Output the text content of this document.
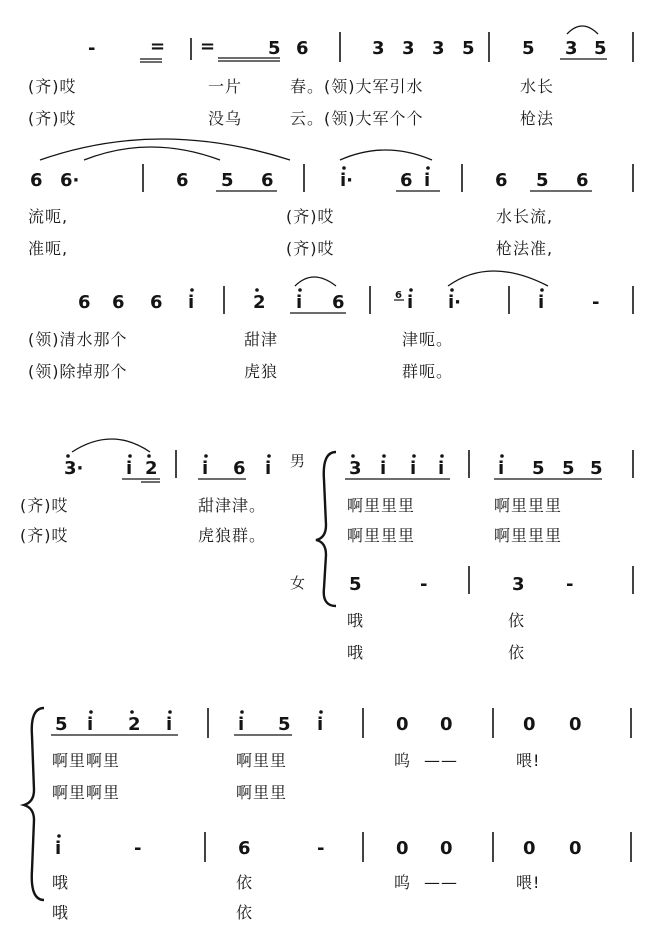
-	= =	5 6	3 3 3 5	5 3 5
(齐)哎	一片	春。(领)大军引水	水长
(齐)哎	没乌	云。(领)大军个个	枪法
6 6·	6 5 6	i·	6 i	6 5 6
流呃,	(齐)哎	水长流,
准呃,	(齐)哎	枪法准,
6 6 6 i	2 i 6	6 i i·	i	-
(领)清水那个	甜津	津呃。
(领)除掉那个	虎狼	群呃。
3· i 2 i 6 i 男 3 i i i	i 5 5 5
(齐)哎	甜津津。	啊里里里	啊里里里
(齐)哎	虎狼群。	啊里里里	啊里里里
女 5	-	3 -
哦	依
哦	依
5 i 2 i	i 5 i	0 0	0 0
啊里啊里	啊里里	呜 ——	喂!
啊里啊里	啊里里
i	-	6	-	0 0	0 0
哦	依	呜 ——	喂!
哦	依
